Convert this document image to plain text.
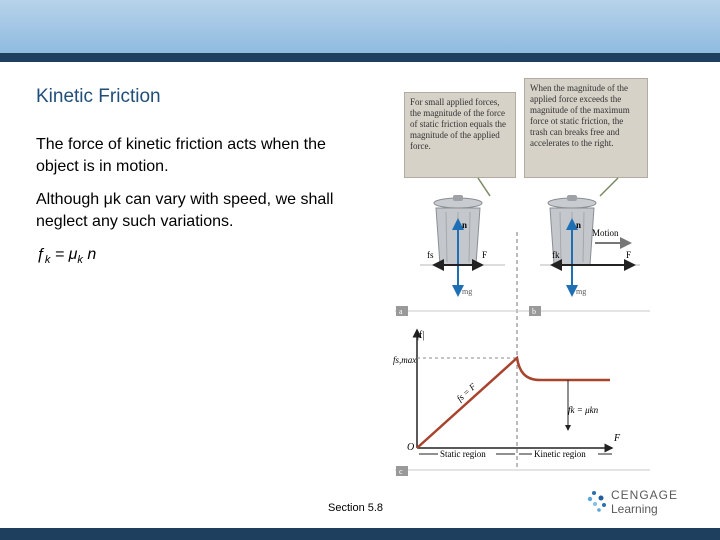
Kinetic Friction
The force of kinetic friction acts when the object is in motion.
Although μk can vary with speed, we shall neglect any such variations.
$ƒ_k = \mu_k$ n
For small applied forces, the magnitude of the force of static friction equals the magnitude of the applied force.
When the magnitude of the applied force exceeds the magnitude of the maximum force ot static friction, the trash can breaks free and accelerates to the right.
n
F
fs
mg
Motion
n
F
fk
mg
a	b
c
|f|
fs,max
O
F
fk = μkn
fs = F
Static region	Kinetic region
Section 5.8
CENGAGE
Learning
